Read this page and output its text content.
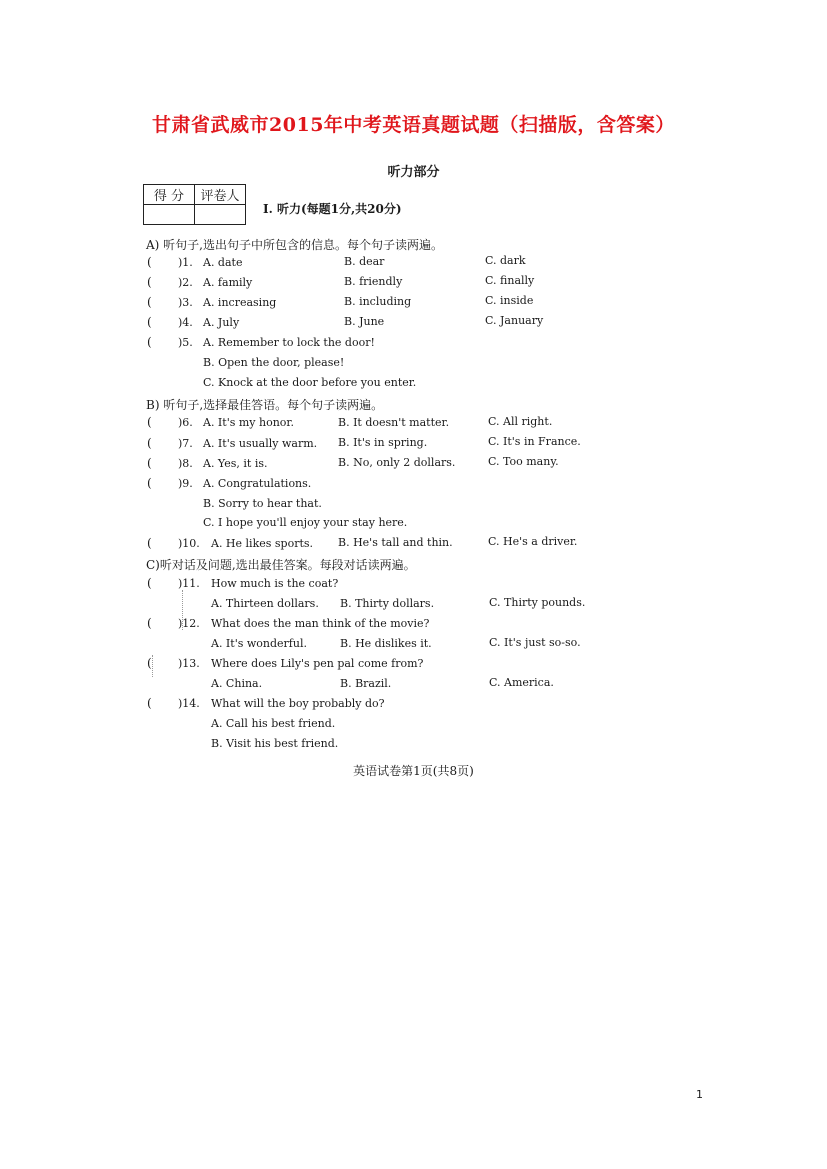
甘肃省武威市2015年中考英语真题试题（扫描版，含答案）
听力部分
得 分	评卷人

Ⅰ. 听力(每题1分,共20分)
A) 听句子,选出句子中所包含的信息。每个句子读两遍。
( )1. A. date	B. dear	C. dark
( )2. A. family	B. friendly	C. finally
( )3. A. increasing	B. including	C. inside
( )4. A. July	B. June	C. January
( )5. A. Remember to lock the door!
B. Open the door, please!
C. Knock at the door before you enter.
B) 听句子,选择最佳答语。每个句子读两遍。
( )6. A. It's my honor.	B. It doesn't matter.	C. All right.
( )7. A. It's usually warm. B. It's in spring.	C. It's in France.
( )8. A. Yes, it is.	B. No, only 2 dollars.	C. Too many.
( )9. A. Congratulations.
B. Sorry to hear that.
C. I hope you'll enjoy your stay here.
( )10. A. He likes sports. B. He's tall and thin.	C. He's a driver.
C)听对话及问题,选出最佳答案。每段对话读两遍。
( )11. How much is the coat?
A. Thirteen dollars. B. Thirty dollars.	C. Thirty pounds.
( )12. What does the man think of the movie?
A. It's wonderful.	B. He dislikes it.	C. It's just so-so.
( )13. Where does Lily's pen pal come from?
A. China.	B. Brazil.	C. America.
( )14. What will the boy probably do?
A. Call his best friend.
B. Visit his best friend.
英语试卷第1页(共8页)
1
